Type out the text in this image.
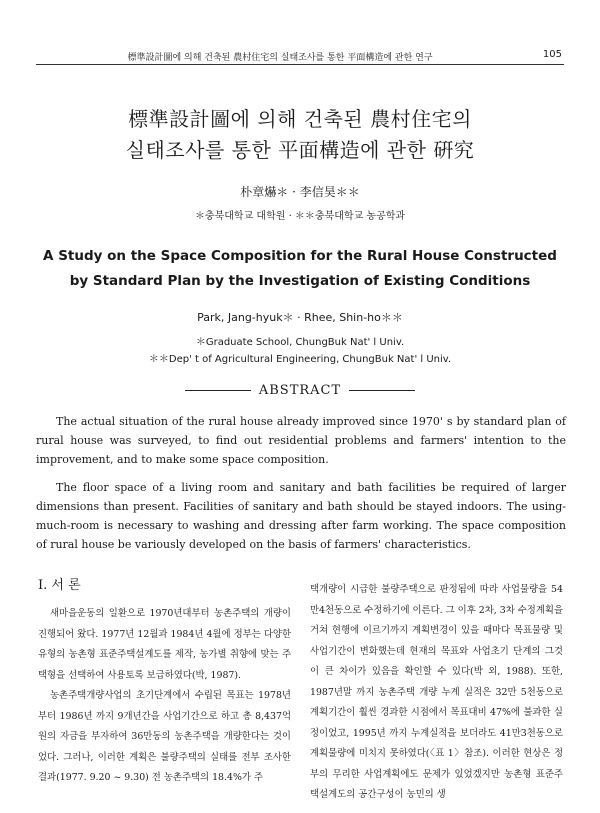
標準設計圖에 의해 건축된 農村住宅의 실태조사를 통한 平面構造에 관한 연구	105
標準設計圖에 의해 건축된 農村住宅의
실태조사를 통한 平面構造에 관한 硏究
朴章爀＊ · 李信昊＊＊
＊충북대학교 대학원 · ＊＊충북대학교 농공학과
A Study on the Space Composition for the Rural House Constructed
by Standard Plan by the Investigation of Existing Conditions
Park, Jang-hyuk＊ · Rhee, Shin-ho＊＊
＊Graduate School, ChungBuk Nat' l Univ.
＊＊Dep' t of Agricultural Engineering, ChungBuk Nat' l Univ.
ABSTRACT

The actual situation of the rural house already improved since 1970' s by standard plan of rural house was surveyed, to find out residential problems and farmers' intention to the improvement, and to make some space composition.

The floor space of a living room and sanitary and bath facilities be required of larger dimensions than present. Facilities of sanitary and bath should be stayed indoors. The using-much-room is necessary to washing and dressing after farm working. The space composition of rural house be variously developed on the basis of farmers' characteristics.

Ⅰ. 서 론

새마을운동의 일환으로 1970년대부터 농촌주택의 개량이 진행되어 왔다. 1977년 12월과 1984년 4월에 정부는 다양한 유형의 농촌형 표준주택설계도를 제작, 농가별 취향에 맞는 주택형을 선택하여 사용토록 보급하였다(박, 1987).

농촌주택개량사업의 초기단계에서 수립된 목표는 1978년 부터 1986년 까지 9개년간을 사업기간으로 하고 총 8,437억원의 자금을 부자하여 36만동의 농촌주택을 개량한다는 것이었다. 그러나, 이러한 계획은 불량주택의 실태를 전부 조사한 결과(1977. 9.20 ~ 9.30) 전 농촌주택의 18.4%가 주

택개량이 시급한 불량주택으로 판정됨에 따라 사업물량을 54만4천동으로 수정하기에 이른다. 그 이후 2차, 3차 수정계획을 거쳐 현행에 이르기까지 계획변경이 있을 때마다 목표물량 및 사업기간이 변화했는데 현재의 목표와 사업초기 단계의 그것이 큰 차이가 있음을 확인할 수 있다(박 외, 1988). 또한, 1987년말 까지 농촌주택 개량 누계 실적은 32만 5천동으로 계획기간이 훨씬 경과한 시점에서 목표대비 47%에 불과한 실정이었고, 1995년 까지 누계실적을 보더라도 41만3천동으로 계획물량에 미치지 못하였다(〈표 1〉참조). 이러한 현상은 정부의 무리한 사업계획에도 문제가 있었겠지만 농촌형 표준주택설계도의 공간구성이 농민의 생
